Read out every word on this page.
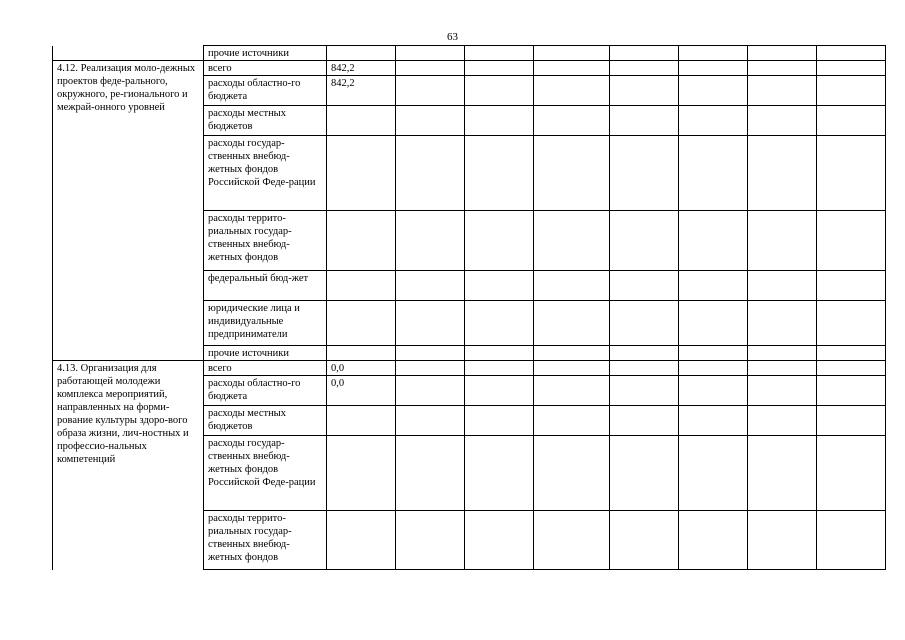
63
	прочие источники								
4.12. Реализация моло-дежных проектов феде-рального, окружного, ре-гионального и межрай-онного уровней	всего	842,2							
	расходы областно-го бюджета	842,2							
	расходы местных бюджетов								
	расходы государ-ственных внебюд-жетных фондов Российской Феде-рации								
	расходы террито-риальных государ-ственных внебюд-жетных фондов								
	федеральный бюд-жет								
	юридические лица и индивидуальные предприниматели								
	прочие источники								
4.13. Организация для работающей молодежи комплекса мероприятий, направленных на форми-рование культуры здоро-вого образа жизни, лич-ностных и профессио-нальных компетенций	всего	0,0							
	расходы областно-го бюджета	0,0							
	расходы местных бюджетов								
	расходы государ-ственных внебюд-жетных фондов Российской Феде-рации								
	расходы террито-риальных государ-ственных внебюд-жетных фондов								
